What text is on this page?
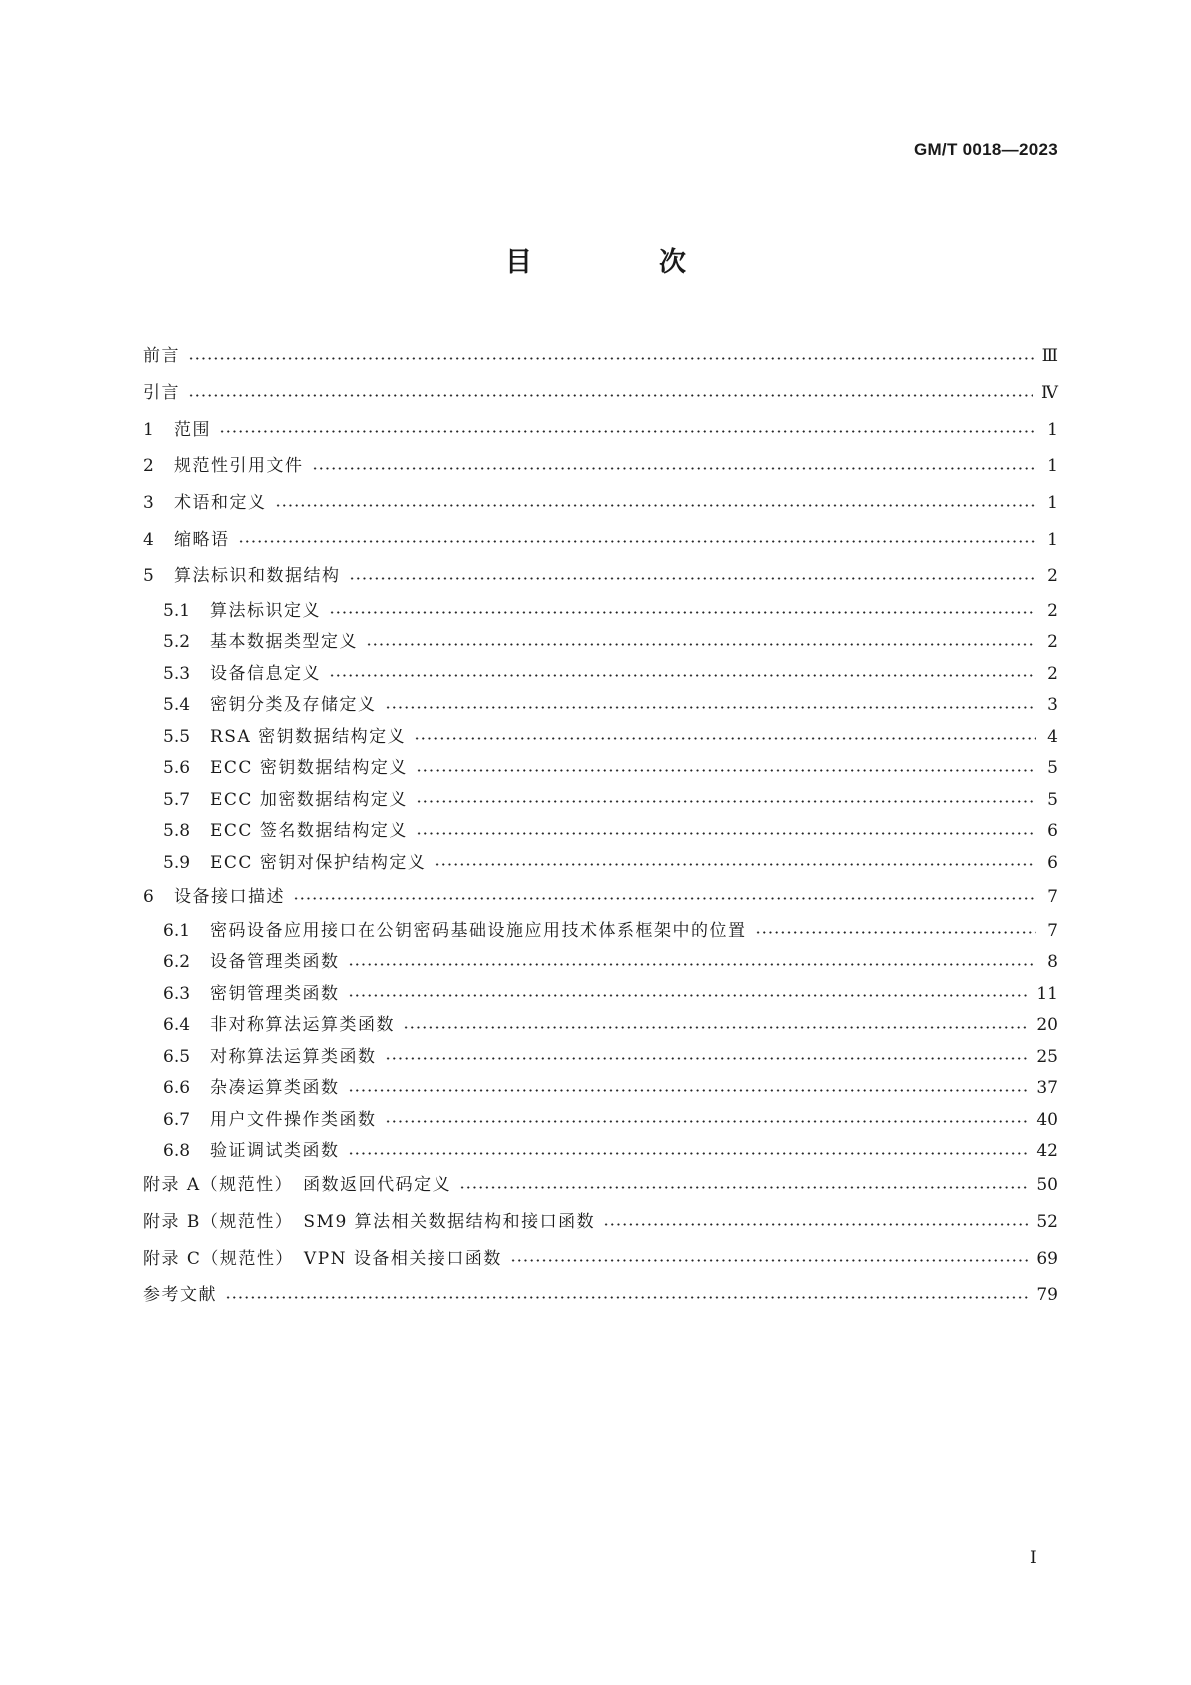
GM/T 0018—2023
目　次
前言	Ⅲ
引言	Ⅳ
1	范围	1
2	规范性引用文件	1
3	术语和定义	1
4	缩略语	1
5	算法标识和数据结构	2
5.1	算法标识定义	2
5.2	基本数据类型定义	2
5.3	设备信息定义	2
5.4	密钥分类及存储定义	3
5.5	RSA 密钥数据结构定义	4
5.6	ECC 密钥数据结构定义	5
5.7	ECC 加密数据结构定义	5
5.8	ECC 签名数据结构定义	6
5.9	ECC 密钥对保护结构定义	6
6	设备接口描述	7
6.1	密码设备应用接口在公钥密码基础设施应用技术体系框架中的位置	7
6.2	设备管理类函数	8
6.3	密钥管理类函数	11
6.4	非对称算法运算类函数	20
6.5	对称算法运算类函数	25
6.6	杂凑运算类函数	37
6.7	用户文件操作类函数	40
6.8	验证调试类函数	42
附录 A（规范性）　函数返回代码定义	50
附录 B（规范性）　SM9 算法相关数据结构和接口函数	52
附录 C（规范性）　VPN 设备相关接口函数	69
参考文献	79
I
